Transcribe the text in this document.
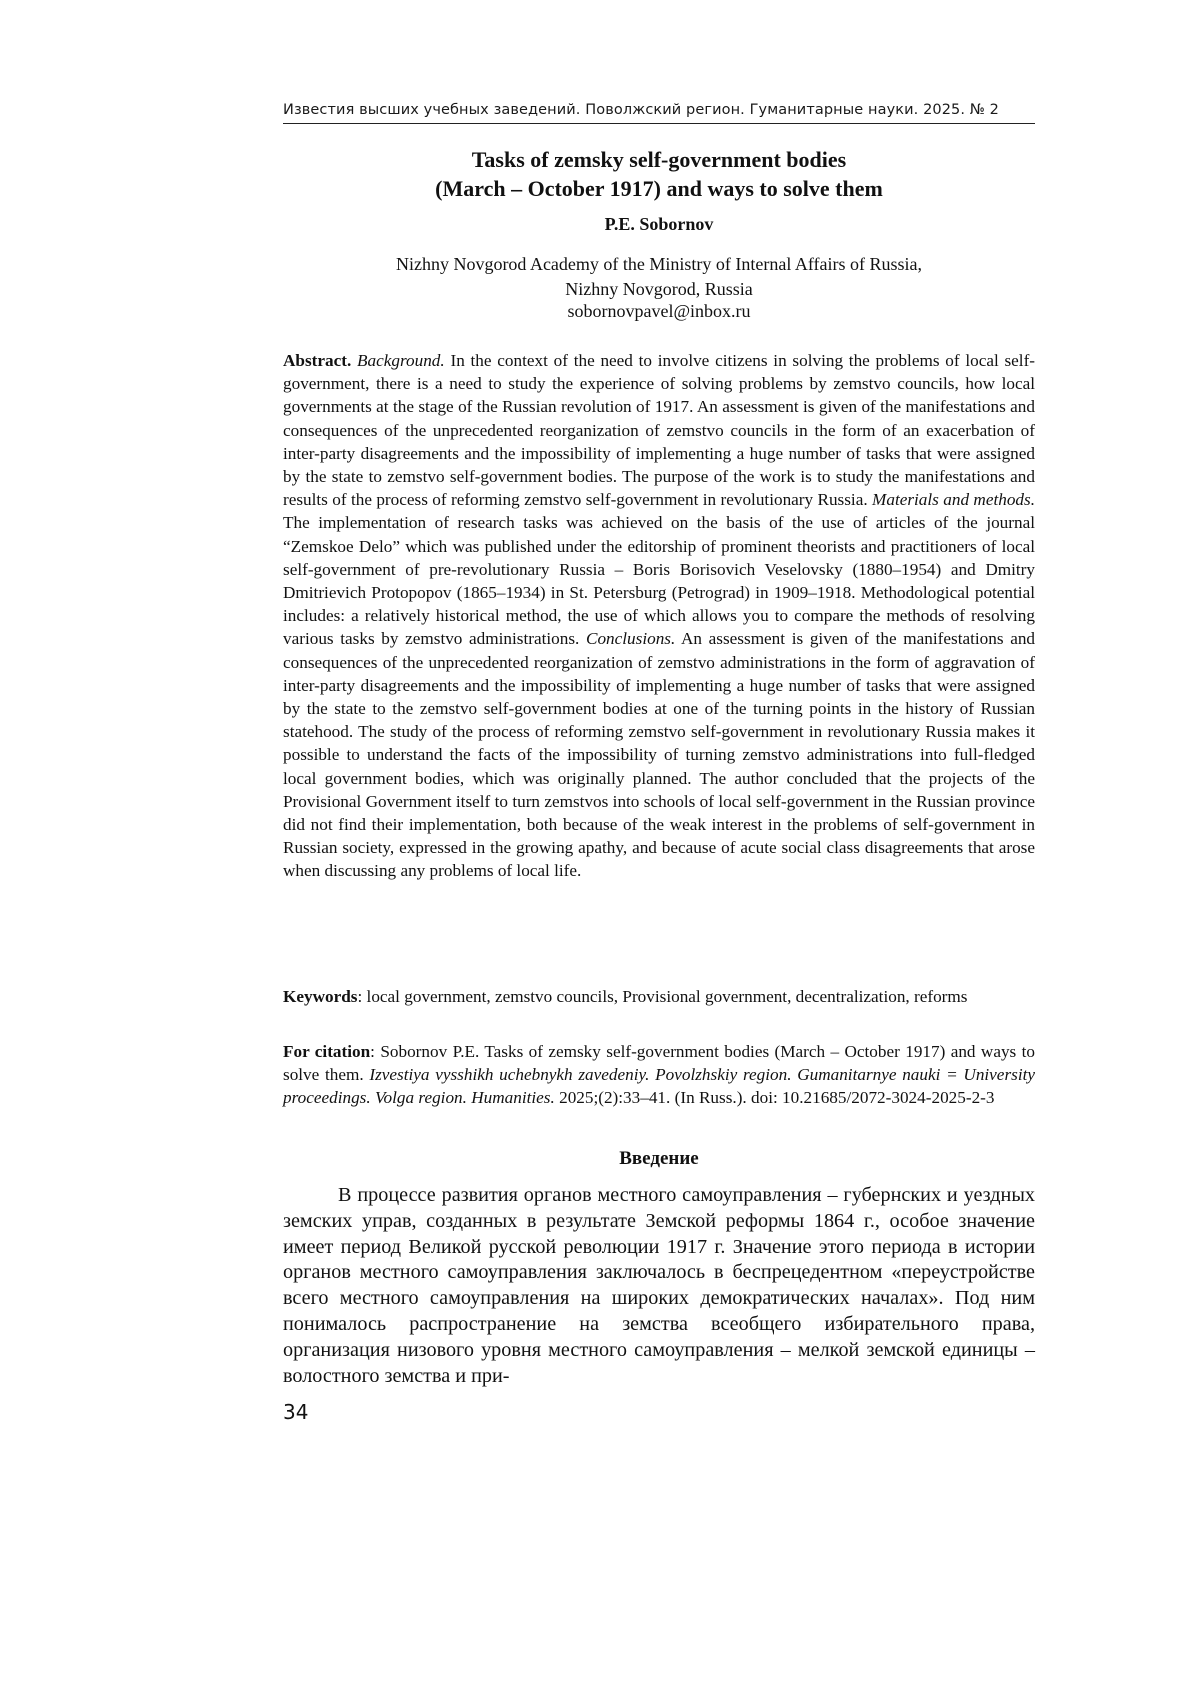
Известия высших учебных заведений. Поволжский регион. Гуманитарные науки. 2025. № 2
Tasks of zemsky self-government bodies
(March – October 1917) and ways to solve them
P.E. Sobornov
Nizhny Novgorod Academy of the Ministry of Internal Affairs of Russia,
Nizhny Novgorod, Russia
sobornovpavel@inbox.ru
Abstract. Background. In the context of the need to involve citizens in solving the problems of local self-government, there is a need to study the experience of solving problems by zemstvo councils, how local governments at the stage of the Russian revolution of 1917. An assessment is given of the manifestations and consequences of the unprecedented reorganization of zemstvo councils in the form of an exacerbation of inter-party disagreements and the impossibility of implementing a huge number of tasks that were assigned by the state to zemstvo self-government bodies. The purpose of the work is to study the manifestations and results of the process of reforming zemstvo self-government in revolutionary Russia. Materials and methods. The implementation of research tasks was achieved on the basis of the use of articles of the journal “Zemskoe Delo” which was published under the editorship of prominent theorists and practitioners of local self-government of pre-revolutionary Russia – Boris Borisovich Veselovsky (1880–1954) and Dmitry Dmitrievich Protopopov (1865–1934) in St. Petersburg (Petrograd) in 1909–1918. Methodological potential includes: a relatively historical method, the use of which allows you to compare the methods of resolving various tasks by zemstvo administrations. Conclusions. An assessment is given of the manifestations and consequences of the unprecedented reorganization of zemstvo administrations in the form of aggravation of inter-party disagreements and the impossibility of implementing a huge number of tasks that were assigned by the state to the zemstvo self-government bodies at one of the turning points in the history of Russian statehood. The study of the process of reforming zemstvo self-government in revolutionary Russia makes it possible to understand the facts of the impossibility of turning zemstvo administrations into full-fledged local government bodies, which was originally planned. The author concluded that the projects of the Provisional Government itself to turn zemstvos into schools of local self-government in the Russian province did not find their implementation, both because of the weak interest in the problems of self-government in Russian society, expressed in the growing apathy, and because of acute social class disagreements that arose when discussing any problems of local life.
Keywords: local government, zemstvo councils, Provisional government, decentralization, reforms
For citation: Sobornov P.E. Tasks of zemsky self-government bodies (March – October 1917) and ways to solve them. Izvestiya vysshikh uchebnykh zavedeniy. Povolzhskiy region. Gumanitarnye nauki = University proceedings. Volga region. Humanities. 2025;(2):33–41. (In Russ.). doi: 10.21685/2072-3024-2025-2-3
Введение
В процессе развития органов местного самоуправления – губернских и уездных земских управ, созданных в результате Земской реформы 1864 г., особое значение имеет период Великой русской революции 1917 г. Значение этого периода в истории органов местного самоуправления заключалось в беспрецедентном «переустройстве всего местного самоуправления на широких демократических началах». Под ним понималось распространение на земства всеобщего избирательного права, организация низового уровня местного самоуправления – мелкой земской единицы – волостного земства и при-
34
